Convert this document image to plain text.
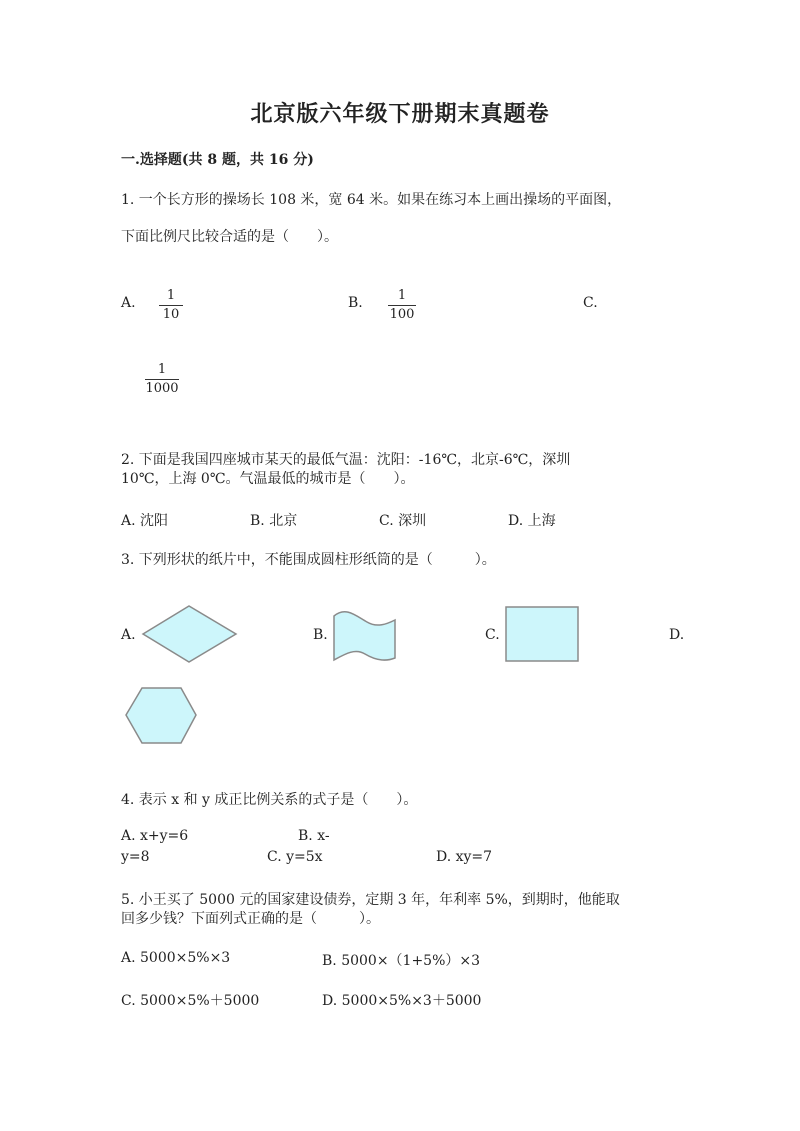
北京版六年级下册期末真题卷
一.选择题(共 8 题，共 16 分)
1. 一个长方形的操场长 108 米，宽 64 米。如果在练习本上画出操场的平面图，
下面比例尺比较合适的是（　　）。
A.	1
10
B.	1
100
C.
1
1000
2. 下面是我国四座城市某天的最低气温：沈阳：-16℃，北京-6℃，深圳
10℃，上海 0℃。气温最低的城市是（　　）。
A. 沈阳	B. 北京	C. 深圳	D. 上海
3. 下列形状的纸片中，不能围成圆柱形纸筒的是（　　　）。
A.	B.	C.	D.
4. 表示 x 和 y 成正比例关系的式子是（　　）。
A. x+y=6	B. x-
y=8	C. y=5x	D. xy=7
5. 小王买了 5000 元的国家建设债券，定期 3 年，年利率 5%，到期时，他能取
回多少钱？下面列式正确的是（　　　）。
A. 5000×5%×3	B. 5000×（1+5%）×3
C. 5000×5%＋5000	D. 5000×5%×3＋5000
